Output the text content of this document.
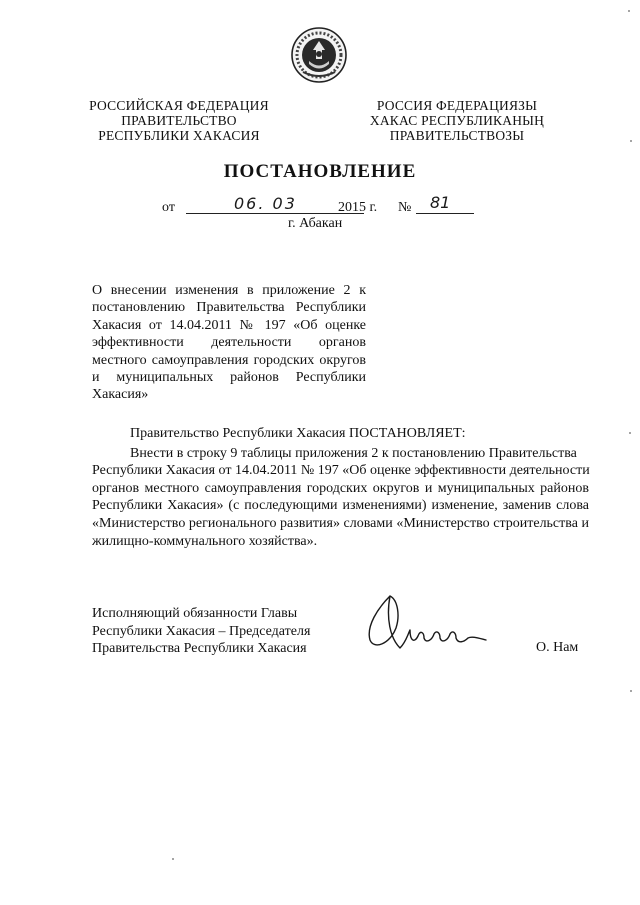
РОССИЙСКАЯ ФЕДЕРАЦИЯ
ПРАВИТЕЛЬСТВО
РЕСПУБЛИКИ ХАКАСИЯ
РОССИЯ ФЕДЕРАЦИЯЗЫ
ХАКАС РЕСПУБЛИКАНЫҢ
ПРАВИТЕЛЬСТВОЗЫ
ПОСТАНОВЛЕНИЕ
от	06. 03	2015 г. № 81
г. Абакан
О внесении изменения в приложение 2 к
постановлению Правительства Республики
Хакасия от 14.04.2011 № 197 «Об оценке
эффективности деятельности органов
местного самоуправления городских округов
и муниципальных районов Республики
Хакасия»
Правительство Республики Хакасия ПОСТАНОВЛЯЕТ:
Внести в строку 9 таблицы приложения 2 к постановлению Правительства
Республики Хакасия от 14.04.2011 № 197 «Об оценке эффективности деятельности
органов местного самоуправления городских округов и муниципальных районов
Республики Хакасия» (с последующими изменениями) изменение, заменив слова
«Министерство регионального развития» словами «Министерство строительства и
жилищно-коммунального хозяйства».
Исполняющий обязанности Главы
Республики Хакасия – Председателя
Правительства Республики Хакасия	О. Нам
